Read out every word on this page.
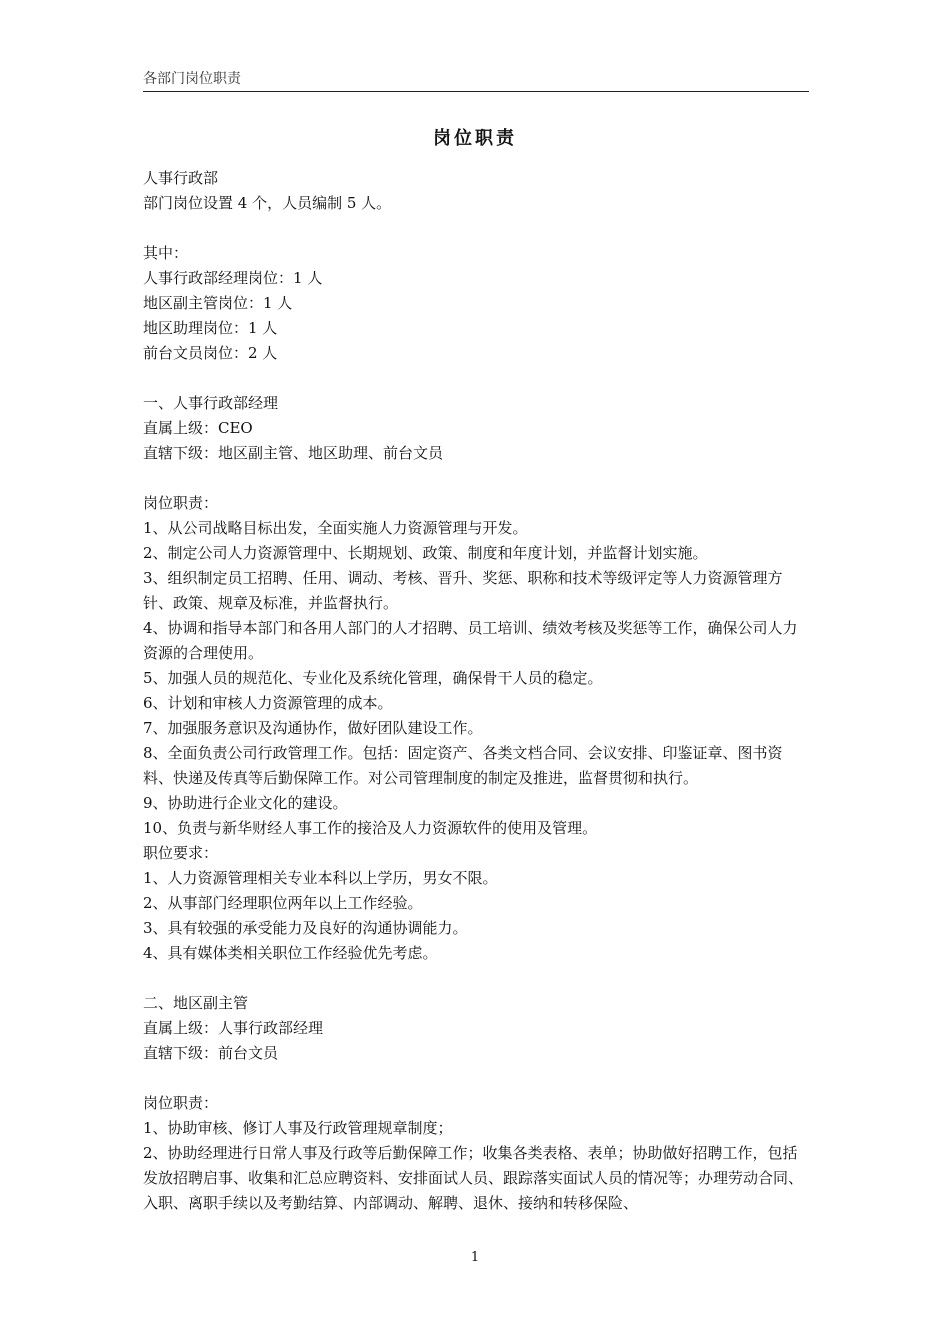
各部门岗位职责
岗位职责

人事行政部

部门岗位设置 4 个，人员编制 5 人。

其中：

人事行政部经理岗位：1 人

地区副主管岗位：1 人

地区助理岗位：1 人

前台文员岗位：2 人

一、人事行政部经理

直属上级：CEO

直辖下级：地区副主管、地区助理、前台文员

岗位职责：

1、从公司战略目标出发，全面实施人力资源管理与开发。

2、制定公司人力资源管理中、长期规划、政策、制度和年度计划，并监督计划实施。

3、组织制定员工招聘、任用、调动、考核、晋升、奖惩、职称和技术等级评定等人力资源管理方针、政策、规章及标准，并监督执行。

4、协调和指导本部门和各用人部门的人才招聘、员工培训、绩效考核及奖惩等工作，确保公司人力资源的合理使用。

5、加强人员的规范化、专业化及系统化管理，确保骨干人员的稳定。

6、计划和审核人力资源管理的成本。

7、加强服务意识及沟通协作，做好团队建设工作。

8、全面负责公司行政管理工作。包括：固定资产、各类文档合同、会议安排、印鉴证章、图书资料、快递及传真等后勤保障工作。对公司管理制度的制定及推进，监督贯彻和执行。

9、协助进行企业文化的建设。

10、负责与新华财经人事工作的接洽及人力资源软件的使用及管理。

职位要求：

1、人力资源管理相关专业本科以上学历，男女不限。

2、从事部门经理职位两年以上工作经验。

3、具有较强的承受能力及良好的沟通协调能力。

4、具有媒体类相关职位工作经验优先考虑。

二、地区副主管

直属上级：人事行政部经理

直辖下级：前台文员

岗位职责：

1、协助审核、修订人事及行政管理规章制度；

2、协助经理进行日常人事及行政等后勤保障工作；收集各类表格、表单；协助做好招聘工作，包括发放招聘启事、收集和汇总应聘资料、安排面试人员、跟踪落实面试人员的情况等；办理劳动合同、入职、离职手续以及考勤结算、内部调动、解聘、退休、接纳和转移保险、

1
